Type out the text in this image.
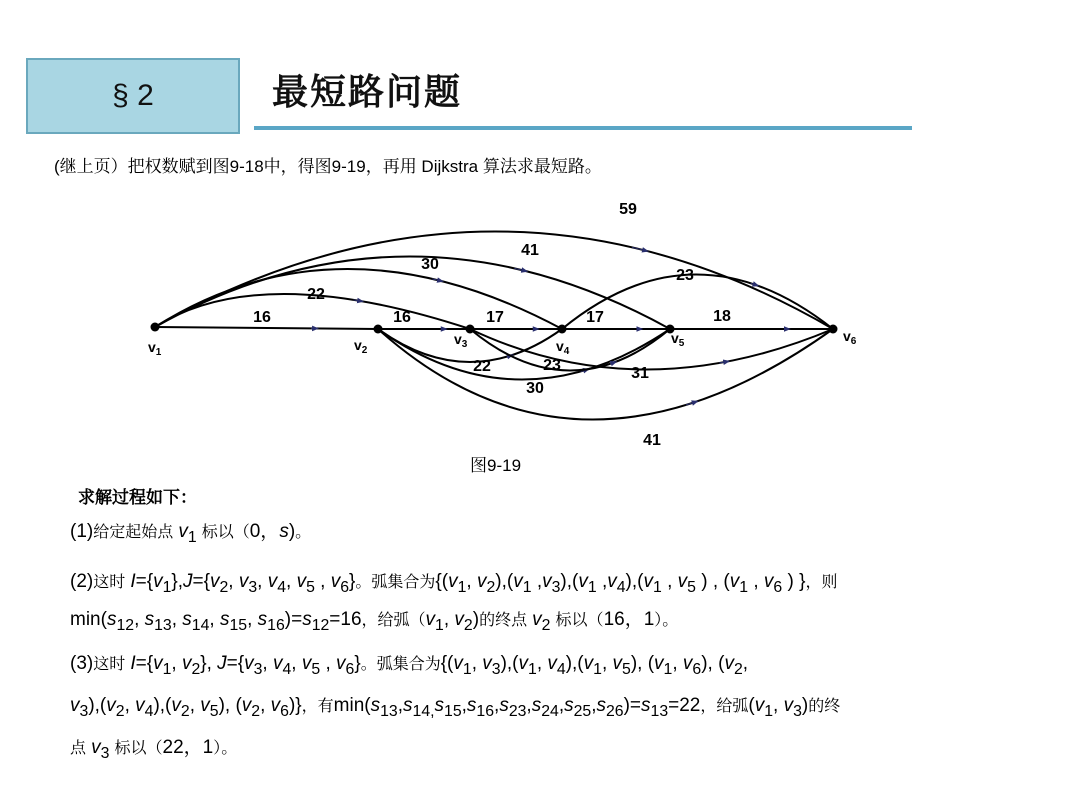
§ 2	最短路问题
(继上页）把权数赋到图9-18中，得图9-19，再用 Dijkstra 算法求最短路。
16
22
30
41
59
16
22
30
41
17
23	31
17
23
18
$v_1$	$v_2$
$v_3$	$v_4$
$v_5$	$v_6$
图9-19
求解过程如下：
(1)给定起始点 $v_1$ 标以（0，s)。
(2)这时 $I=\{v_1\},J=\{v_2$, $v_3$, $v_4$, $v_5$ , $v_6$}。弧集合为{($v_1$, $v_2),(v_1$ $,v_3),(v_1$ $,v_4),(v_1$ , $v_5$ ) , ($v_1$ , $v_6$ ) }，则
$\min(s_{12}$, $s_{13}$, $s_{14}$, $s_{15}$, $s_{16})=s_{12}=16$，给弧（$v_1$, $v_2$)的终点 $v_2$ 标以（16，1）。
(3)这时 $I=\{v_1$, $v_2$}, $J=\{v_3$, $v_4$, $v_5$ , $v_6$}。弧集合为{($v_1$, $v_3),(v_1$, $v_4),(v_1$, $v_5$), ($v_1$, $v_6$), ($v_2$,
$v_3),(v_2$, $v_4),(v_2$, $v_5$), ($v_2$, $v_6$)}，有$\min(s_{13},s_{14,}s_{15},s_{16},s_{23},s_{24},s_{25},s_{26})=s_{13}=22$，给弧($v_1$, $v_3$)的终
点 $v_3$ 标以（22，1）。
